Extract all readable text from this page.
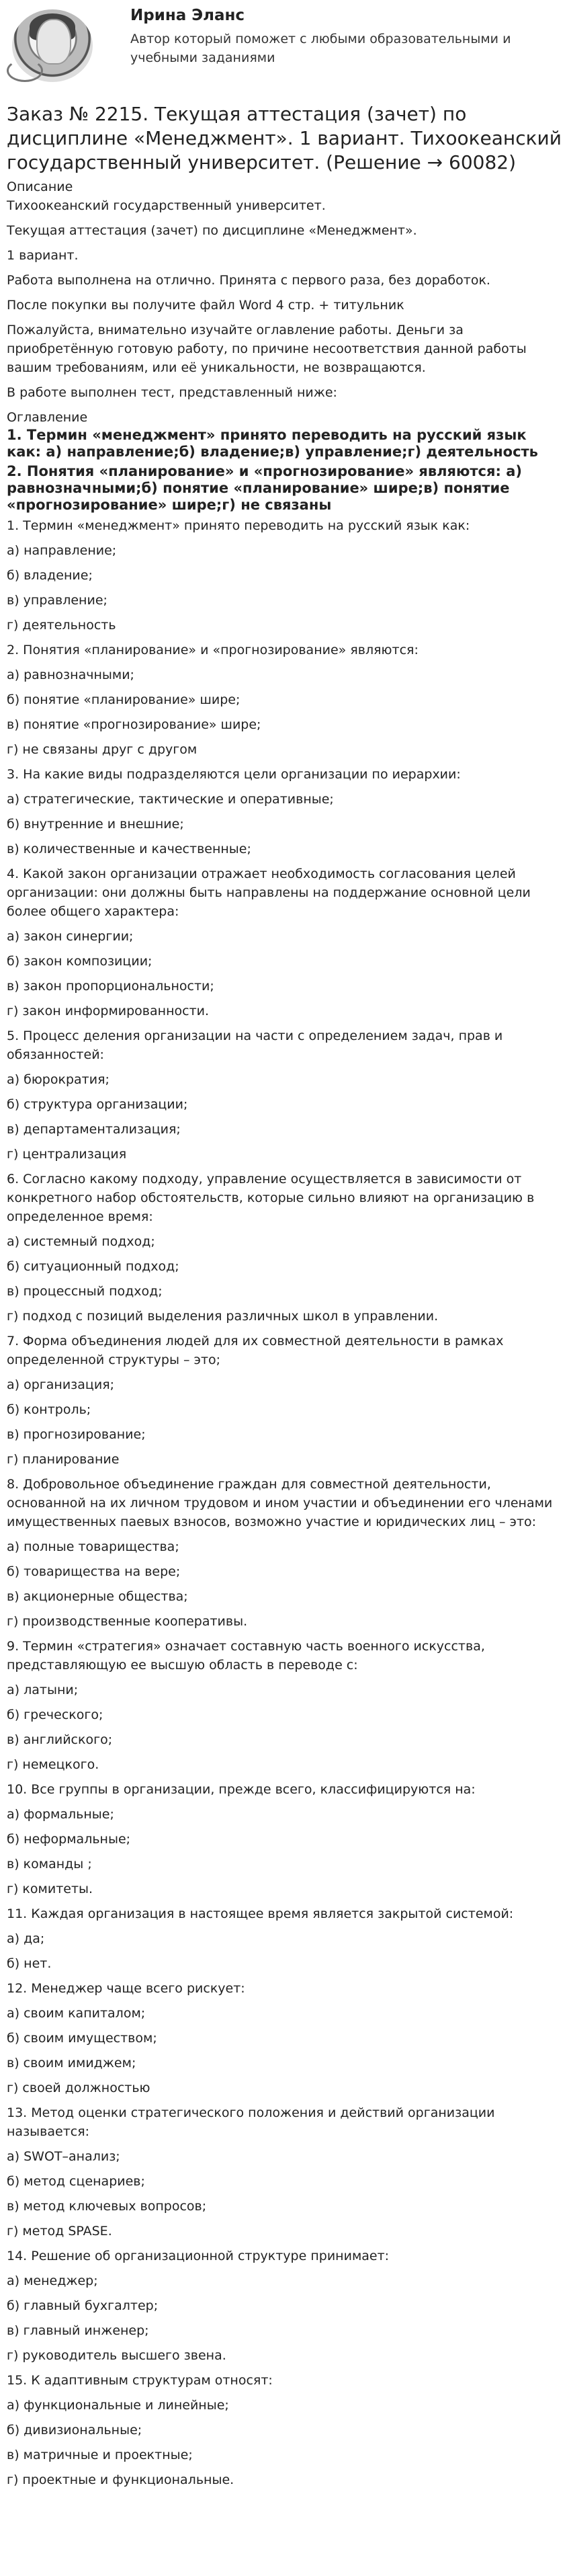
Ирина Эланс
Автор который поможет с любыми образовательными и учебными заданиями
Заказ № 2215. Текущая аттестация (зачет) по дисциплине «Менеджмент». 1 вариант. Тихоокеанский государственный университет. (Решение → 60082)
Описание

Тихоокеанский государственный университет.

Текущая аттестация (зачет) по дисциплине «Менеджмент».

1 вариант.

Работа выполнена на отлично. Принята с первого раза, без доработок.

После покупки вы получите файл Word 4 стр. + титульник

Пожалуйста, внимательно изучайте оглавление работы. Деньги за приобретённую готовую работу, по причине несоответствия данной работы вашим требованиям, или её уникальности, не возвращаются.

В работе выполнен тест, представленный ниже:

Оглавление
1. Термин «менеджмент» принято переводить на русский язык как: а) направление;б) владение;в) управление;г) деятельность
2. Понятия «планирование» и «прогнозирование» являются: а) равнозначными;б) понятие «планирование» шире;в) понятие «прогнозирование» шире;г) не связаны

1. Термин «менеджмент» принято переводить на русский язык как:

а) направление;

б) владение;

в) управление;

г) деятельность

2. Понятия «планирование» и «прогнозирование» являются:

а) равнозначными;

б) понятие «планирование» шире;

в) понятие «прогнозирование» шире;

г) не связаны друг с другом

3. На какие виды подразделяются цели организации по иерархии:

а) стратегические, тактические и оперативные;

б) внутренние и внешние;

в) количественные и качественные;

4. Какой закон организации отражает необходимость согласования целей организации: они должны быть направлены на поддержание основной цели более общего характера:

а) закон синергии;

б) закон композиции;

в) закон пропорциональности;

г) закон информированности.

5. Процесс деления организации на части с определением задач, прав и обязанностей:

а) бюрократия;

б) структура организации;

в) департаментализация;

г) централизация

6. Согласно какому подходу, управление осуществляется в зависимости от конкретного набор обстоятельств, которые сильно влияют на организацию в определенное время:

а) системный подход;

б) ситуационный подход;

в) процессный подход;

г) подход с позиций выделения различных школ в управлении.

7. Форма объединения людей для их совместной деятельности в рамках определенной структуры – это;

а) организация;

б) контроль;

в) прогнозирование;

г) планирование

8. Добровольное объединение граждан для совместной деятельности, основанной на их личном трудовом и ином участии и объединении его членами имущественных паевых взносов, возможно участие и юридических лиц – это:

а) полные товарищества;

б) товарищества на вере;

в) акционерные общества;

г) производственные кооперативы.

9. Термин «стратегия» означает составную часть военного искусства, представляющую ее высшую область в переводе с:

а) латыни;

б) греческого;

в) английского;

г) немецкого.

10. Все группы в организации, прежде всего, классифицируются на:

а) формальные;

б) неформальные;

в) команды ;

г) комитеты.

11. Каждая организация в настоящее время является закрытой системой:

а) да;

б) нет.

12. Менеджер чаще всего рискует:

а) своим капиталом;

б) своим имуществом;

в) своим имиджем;

г) своей должностью

13. Метод оценки стратегического положения и действий организации называется:

а) SWOT–анализ;

б) метод сценариев;

в) метод ключевых вопросов;

г) метод SPASE.

14. Решение об организационной структуре принимает:

а) менеджер;

б) главный бухгалтер;

в) главный инженер;

г) руководитель высшего звена.

15. К адаптивным структурам относят:

а) функциональные и линейные;

б) дивизиональные;

в) матричные и проектные;

г) проектные и функциональные.
